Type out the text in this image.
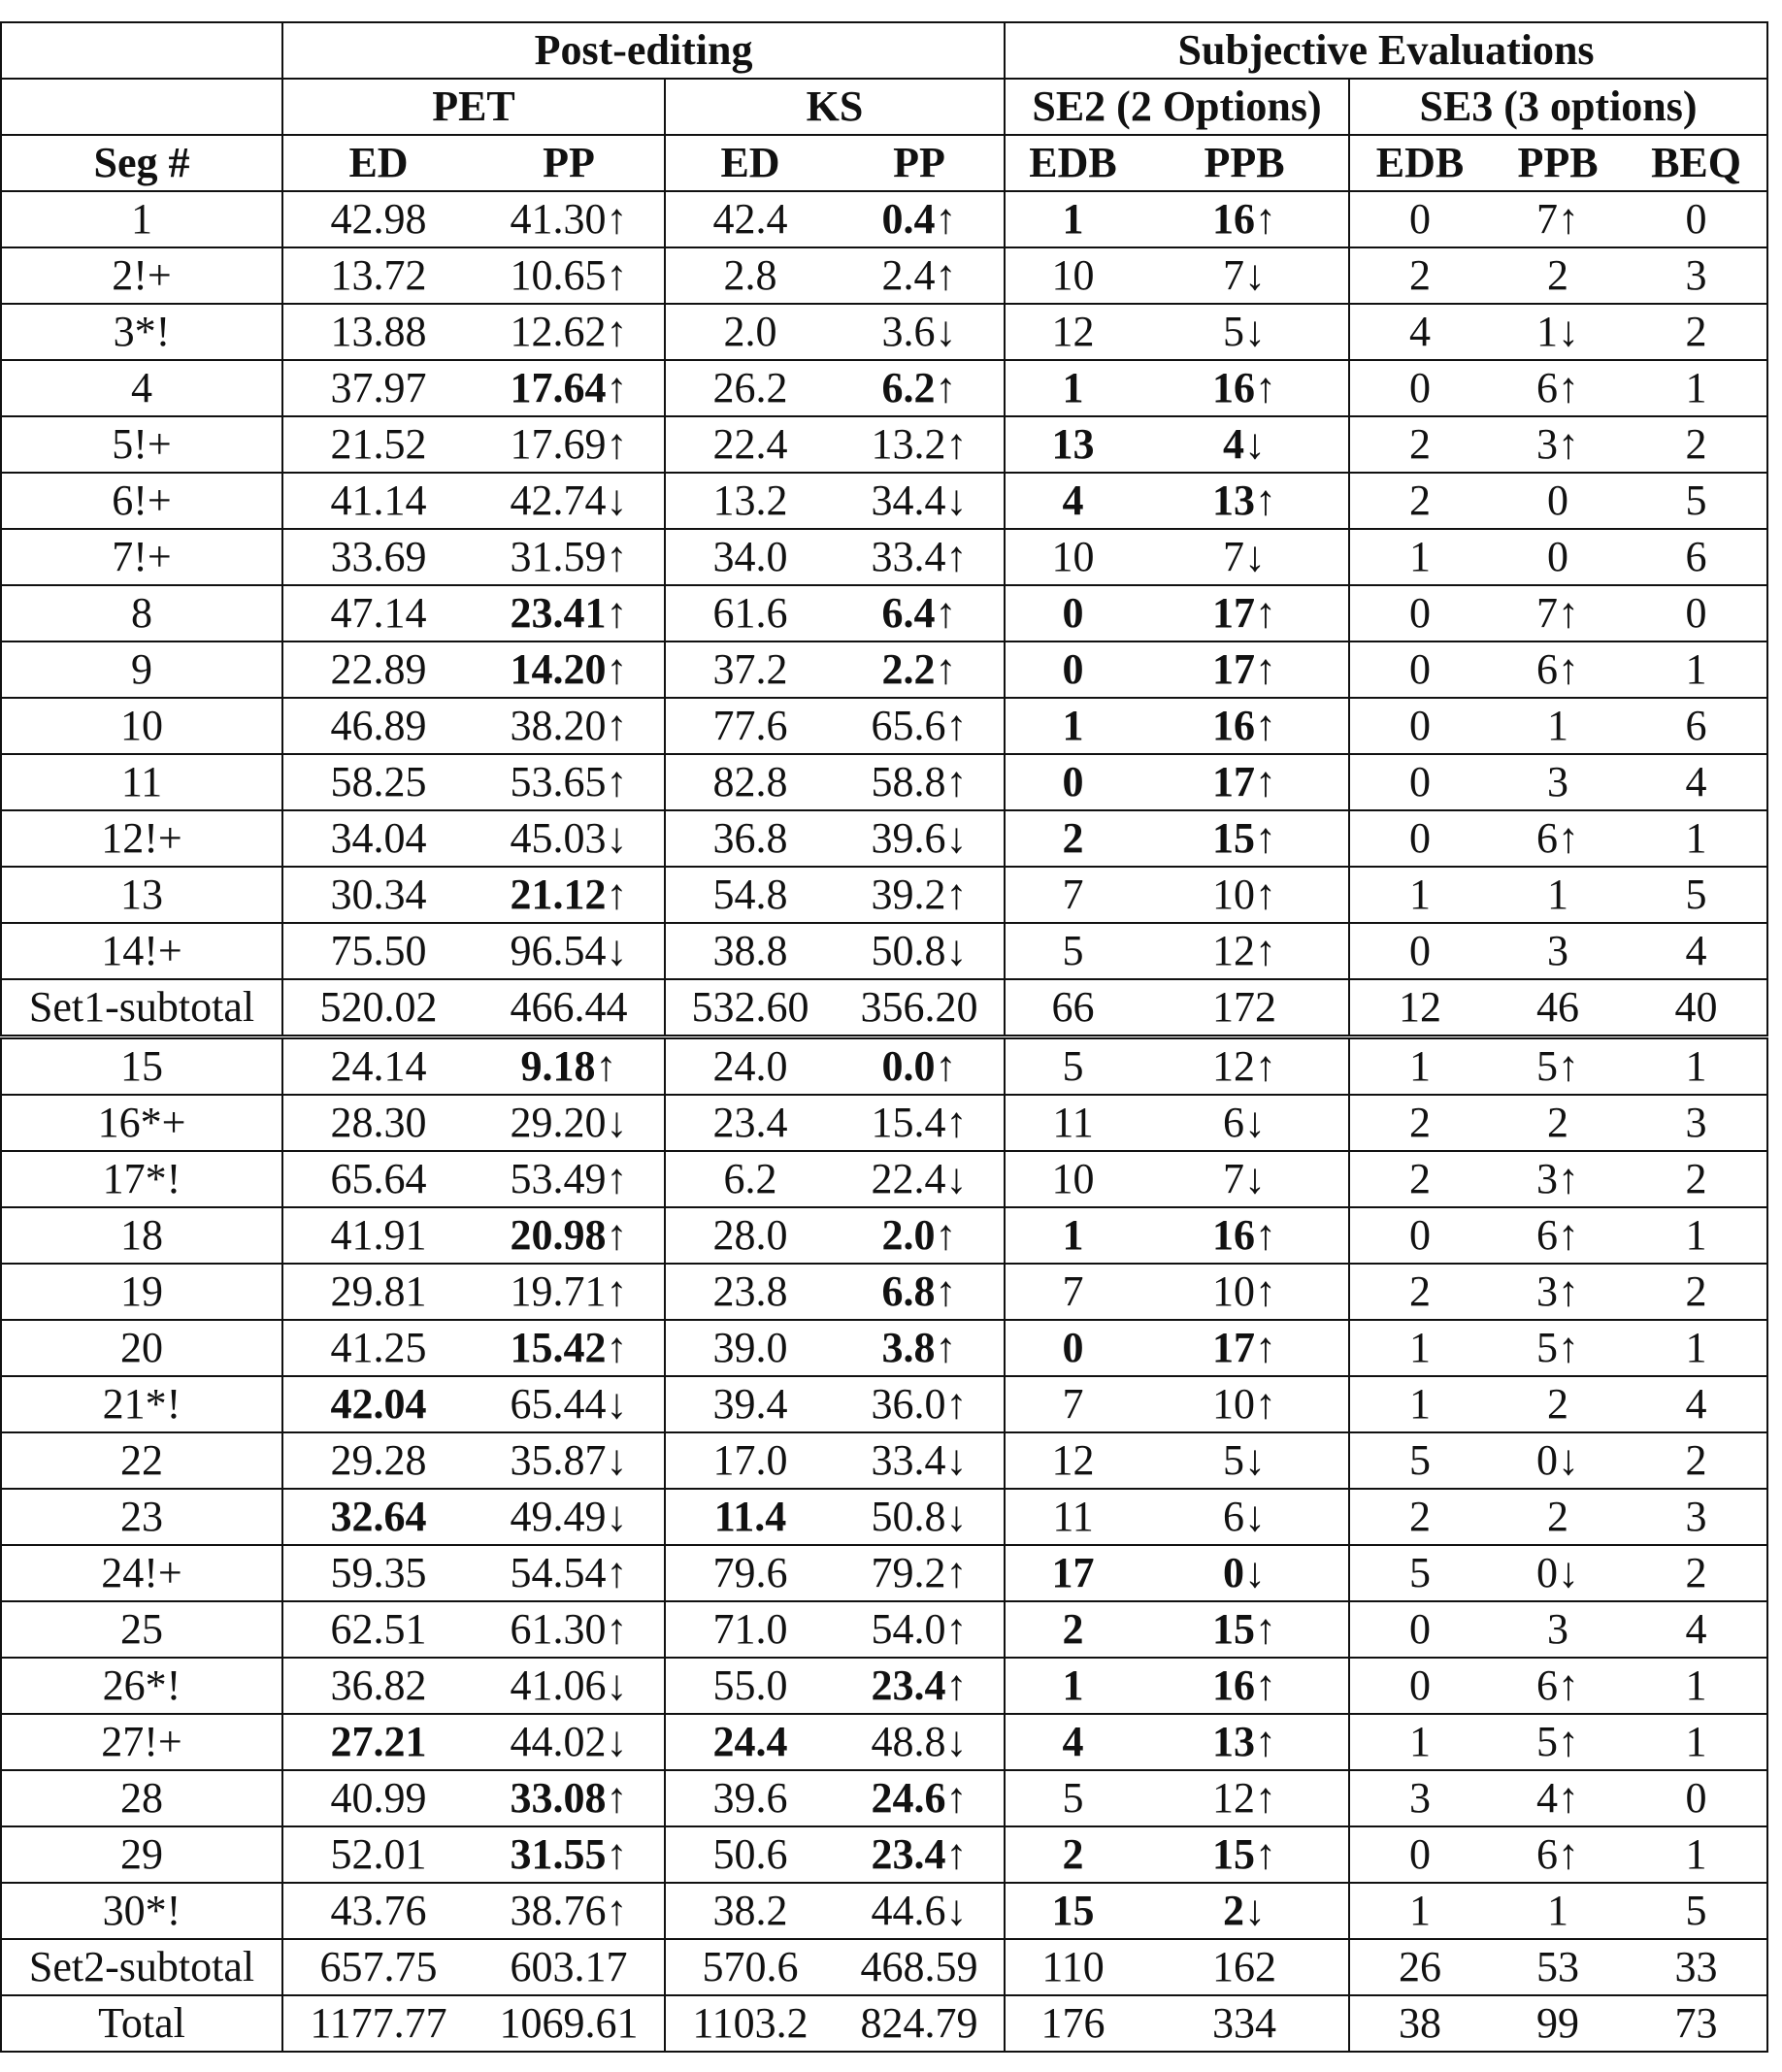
	Post-editing				Subjective Evaluations				
	PET		KS		SE2 (2 Options)		SE3 (3 options)		
Seg #	ED	PP	ED	PP	EDB	PPB	EDB	PPB	BEQ
1	42.98	41.30↑	42.4	0.4↑	1	16↑	0	7↑	0
2!+	13.72	10.65↑	2.8	2.4↑	10	7↓	2	2	3
3*!	13.88	12.62↑	2.0	3.6↓	12	5↓	4	1↓	2
4	37.97	17.64↑	26.2	6.2↑	1	16↑	0	6↑	1
5!+	21.52	17.69↑	22.4	13.2↑	13	4↓	2	3↑	2
6!+	41.14	42.74↓	13.2	34.4↓	4	13↑	2	0	5
7!+	33.69	31.59↑	34.0	33.4↑	10	7↓	1	0	6
8	47.14	23.41↑	61.6	6.4↑	0	17↑	0	7↑	0
9	22.89	14.20↑	37.2	2.2↑	0	17↑	0	6↑	1
10	46.89	38.20↑	77.6	65.6↑	1	16↑	0	1	6
11	58.25	53.65↑	82.8	58.8↑	0	17↑	0	3	4
12!+	34.04	45.03↓	36.8	39.6↓	2	15↑	0	6↑	1
13	30.34	21.12↑	54.8	39.2↑	7	10↑	1	1	5
14!+	75.50	96.54↓	38.8	50.8↓	5	12↑	0	3	4
Set1-subtotal	520.02	466.44	532.60	356.20	66	172	12	46	40
15	24.14	9.18↑	24.0	0.0↑	5	12↑	1	5↑	1
16*+	28.30	29.20↓	23.4	15.4↑	11	6↓	2	2	3
17*!	65.64	53.49↑	6.2	22.4↓	10	7↓	2	3↑	2
18	41.91	20.98↑	28.0	2.0↑	1	16↑	0	6↑	1
19	29.81	19.71↑	23.8	6.8↑	7	10↑	2	3↑	2
20	41.25	15.42↑	39.0	3.8↑	0	17↑	1	5↑	1
21*!	42.04	65.44↓	39.4	36.0↑	7	10↑	1	2	4
22	29.28	35.87↓	17.0	33.4↓	12	5↓	5	0↓	2
23	32.64	49.49↓	11.4	50.8↓	11	6↓	2	2	3
24!+	59.35	54.54↑	79.6	79.2↑	17	0↓	5	0↓	2
25	62.51	61.30↑	71.0	54.0↑	2	15↑	0	3	4
26*!	36.82	41.06↓	55.0	23.4↑	1	16↑	0	6↑	1
27!+	27.21	44.02↓	24.4	48.8↓	4	13↑	1	5↑	1
28	40.99	33.08↑	39.6	24.6↑	5	12↑	3	4↑	0
29	52.01	31.55↑	50.6	23.4↑	2	15↑	0	6↑	1
30*!	43.76	38.76↑	38.2	44.6↓	15	2↓	1	1	5
Set2-subtotal	657.75	603.17	570.6	468.59	110	162	26	53	33
Total	1177.77	1069.61	1103.2	824.79	176	334	38	99	73
